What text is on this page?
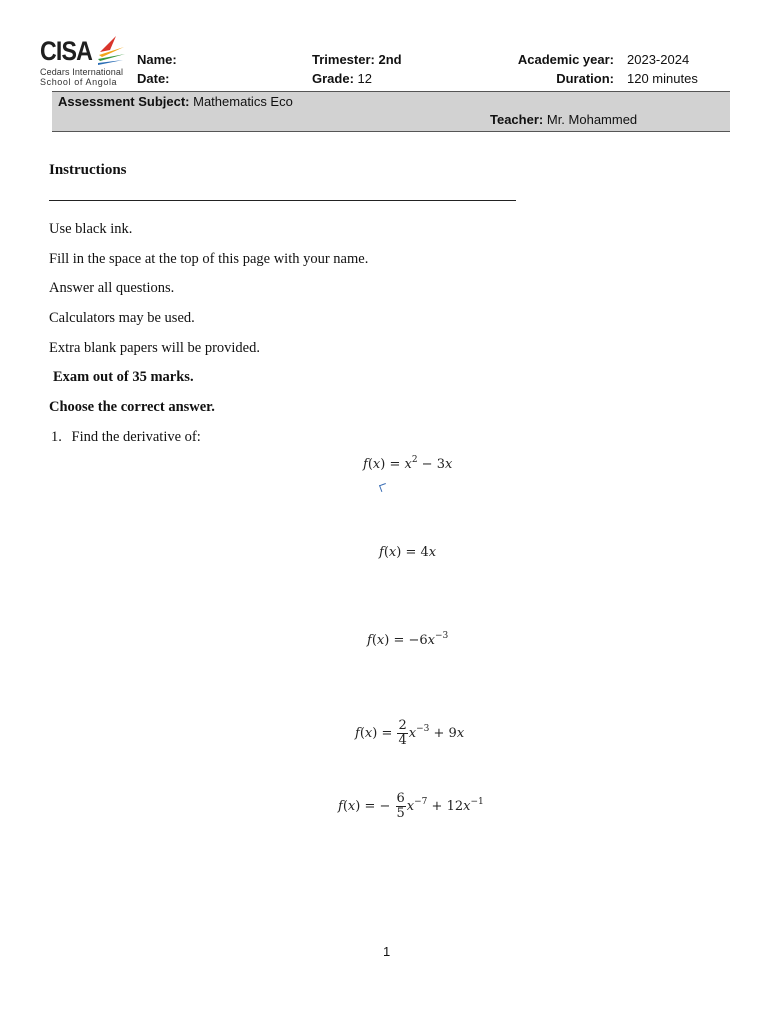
CISA
Cedars International
School of Angola
Name:
Date:
Trimester: 2nd
Grade: 12
Academic year: 2023-2024
Duration: 120 minutes
Assessment Subject: Mathematics Eco
Teacher: Mr. Mohammed
Instructions
Use black ink.
Fill in the space at the top of this page with your name.
Answer all questions.
Calculators may be used.
Extra blank papers will be provided.
Exam out of 35 marks.
Choose the correct answer.
1. Find the derivative of:
$f(x) = x^2 - 3x$
f(x) = 4x
$f(x) = -6x^{-3}$
$f(x) = \frac{2}{4} x^{-3} + 9x$
f(x) = − $\frac{6}{5} x^{-7} + 12x^{-1}$
1
